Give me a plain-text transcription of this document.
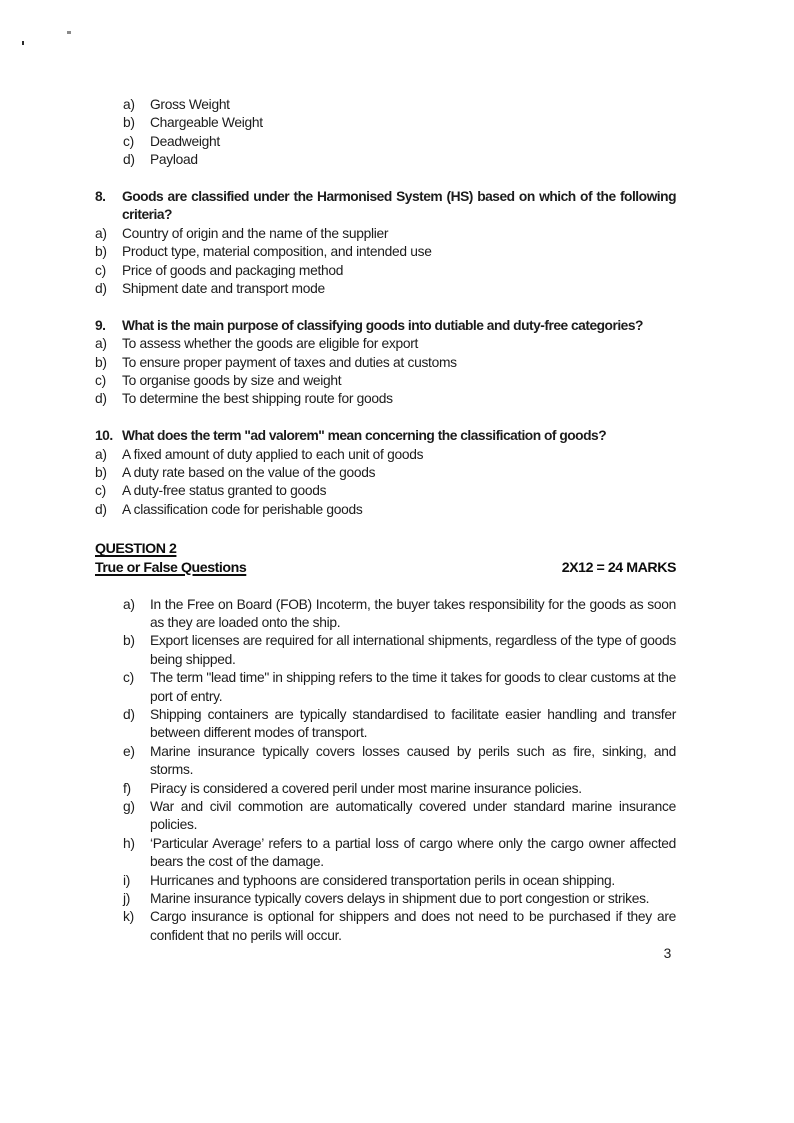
a)	Gross Weight
b)	Chargeable Weight
c)	Deadweight
d)	Payload
8.	Goods are classified under the Harmonised System (HS) based on which of the following criteria?
a)	Country of origin and the name of the supplier
b)	Product type, material composition, and intended use
c)	Price of goods and packaging method
d)	Shipment date and transport mode
9.	What is the main purpose of classifying goods into dutiable and duty-free categories?
a)	To assess whether the goods are eligible for export
b)	To ensure proper payment of taxes and duties at customs
c)	To organise goods by size and weight
d)	To determine the best shipping route for goods
10. What does the term "ad valorem" mean concerning the classification of goods?
a)	A fixed amount of duty applied to each unit of goods
b)	A duty rate based on the value of the goods
c)	A duty-free status granted to goods
d)	A classification code for perishable goods
QUESTION 2
True or False Questions	2X12 = 24 MARKS
a)	In the Free on Board (FOB) Incoterm, the buyer takes responsibility for the goods as soon as they are loaded onto the ship.
b)	Export licenses are required for all international shipments, regardless of the type of goods being shipped.
c)	The term "lead time" in shipping refers to the time it takes for goods to clear customs at the port of entry.
d)	Shipping containers are typically standardised to facilitate easier handling and transfer between different modes of transport.
e)	Marine insurance typically covers losses caused by perils such as fire, sinking, and storms.
f)	Piracy is considered a covered peril under most marine insurance policies.
g)	War and civil commotion are automatically covered under standard marine insurance policies.
h)	‘Particular Average’ refers to a partial loss of cargo where only the cargo owner affected bears the cost of the damage.
i)	Hurricanes and typhoons are considered transportation perils in ocean shipping.
j)	Marine insurance typically covers delays in shipment due to port congestion or strikes.
k)	Cargo insurance is optional for shippers and does not need to be purchased if they are confident that no perils will occur.
3
